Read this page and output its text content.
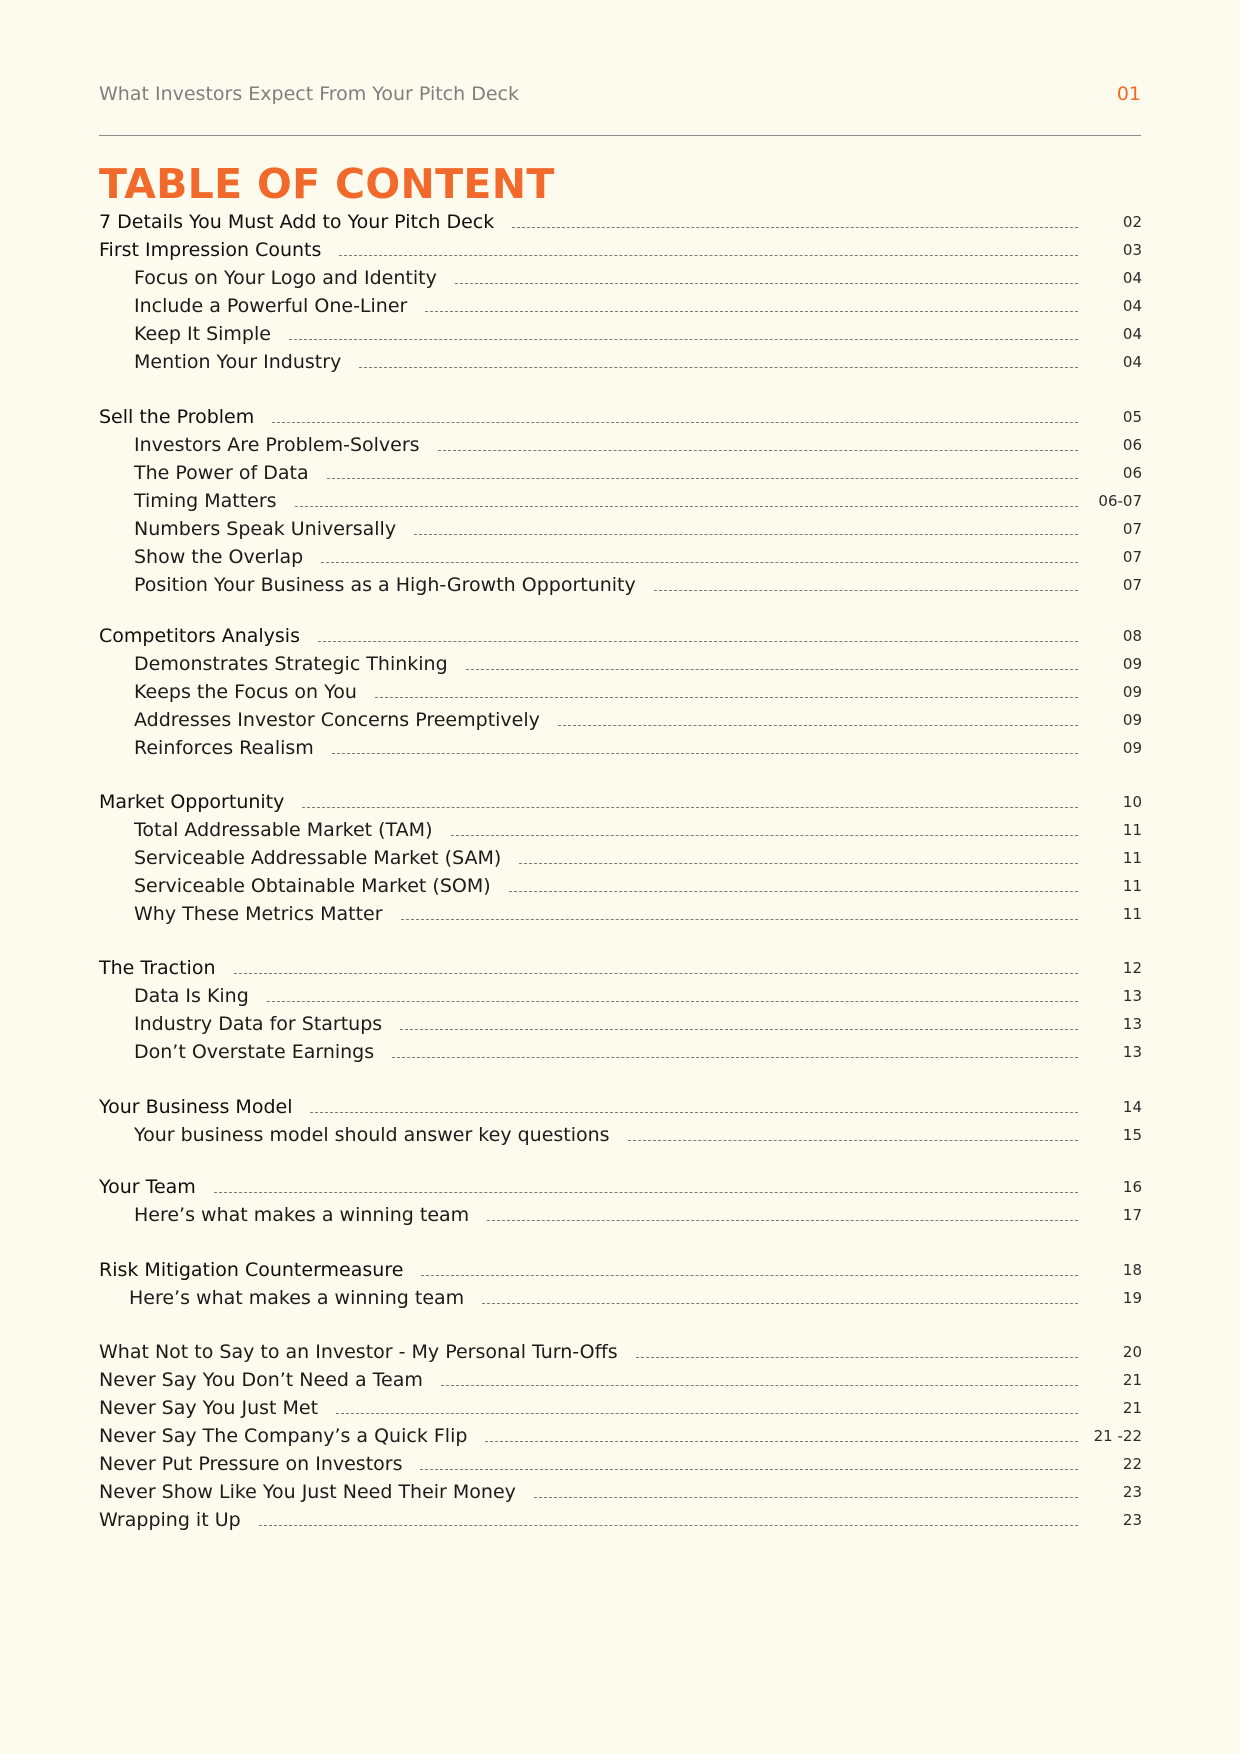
What Investors Expect From Your Pitch Deck	01
TABLE OF CONTENT
7 Details You Must Add to Your Pitch Deck	02
First Impression Counts	03
Focus on Your Logo and Identity	04
Include a Powerful One-Liner	04
Keep It Simple	04
Mention Your Industry	04
Sell the Problem	05
Investors Are Problem-Solvers	06
The Power of Data	06
Timing Matters	06-07
Numbers Speak Universally	07
Show the Overlap	07
Position Your Business as a High-Growth Opportunity	07
Competitors Analysis	08
Demonstrates Strategic Thinking	09
Keeps the Focus on You	09
Addresses Investor Concerns Preemptively	09
Reinforces Realism	09
Market Opportunity	10
Total Addressable Market (TAM)	11
Serviceable Addressable Market (SAM)	11
Serviceable Obtainable Market (SOM)	11
Why These Metrics Matter	11
The Traction	12
Data Is King	13
Industry Data for Startups	13
Don’t Overstate Earnings	13
Your Business Model	14
Your business model should answer key questions	15
Your Team	16
Here’s what makes a winning team	17
Risk Mitigation Countermeasure	18
Here’s what makes a winning team	19
What Not to Say to an Investor - My Personal Turn-Offs	20
Never Say You Don’t Need a Team	21
Never Say You Just Met	21
Never Say The Company’s a Quick Flip	21 -22
Never Put Pressure on Investors	22
Never Show Like You Just Need Their Money	23
Wrapping it Up	23
